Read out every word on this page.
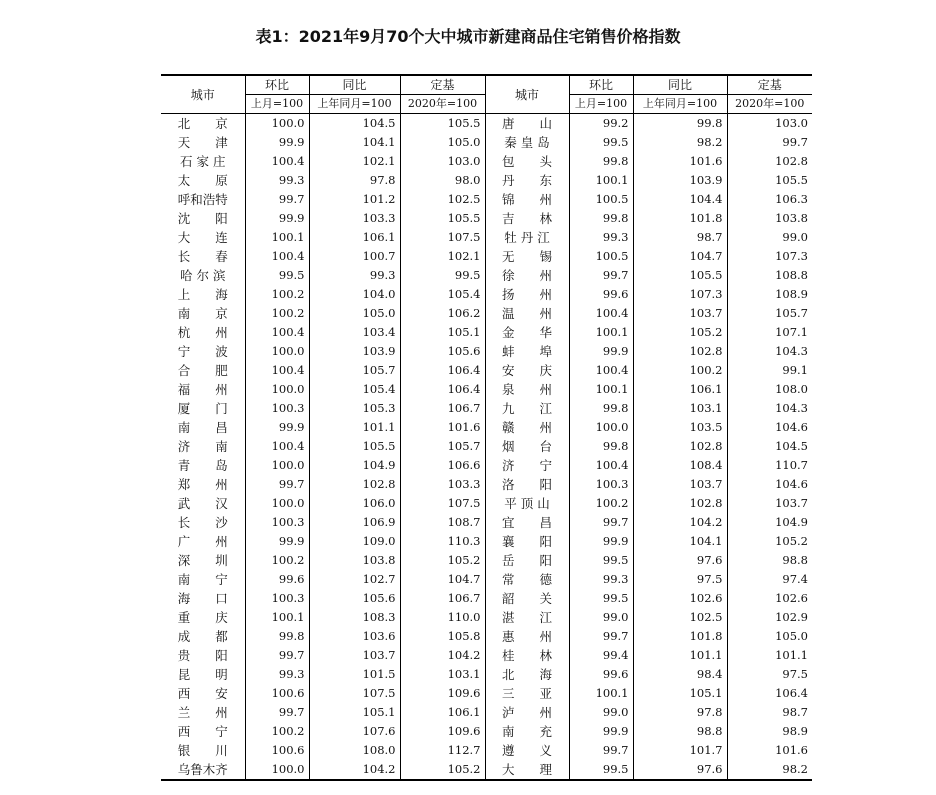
表1：2021年9月70个大中城市新建商品住宅销售价格指数
城市	环比	同比	定基	城市	环比	同比	定基
	上月=100	上年同月=100	2020年=100		上月=100	上年同月=100	2020年=100
北　　京	100.0	104.5	105.5	唐　　山	99.2	99.8	103.0
天　　津	99.9	104.1	105.0	秦 皇 岛	99.5	98.2	99.7
石 家 庄	100.4	102.1	103.0	包　　头	99.8	101.6	102.8
太　　原	99.3	97.8	98.0	丹　　东	100.1	103.9	105.5
呼和浩特	99.7	101.2	102.5	锦　　州	100.5	104.4	106.3
沈　　阳	99.9	103.3	105.5	吉　　林	99.8	101.8	103.8
大　　连	100.1	106.1	107.5	牡 丹 江	99.3	98.7	99.0
长　　春	100.4	100.7	102.1	无　　锡	100.5	104.7	107.3
哈 尔 滨	99.5	99.3	99.5	徐　　州	99.7	105.5	108.8
上　　海	100.2	104.0	105.4	扬　　州	99.6	107.3	108.9
南　　京	100.2	105.0	106.2	温　　州	100.4	103.7	105.7
杭　　州	100.4	103.4	105.1	金　　华	100.1	105.2	107.1
宁　　波	100.0	103.9	105.6	蚌　　埠	99.9	102.8	104.3
合　　肥	100.4	105.7	106.4	安　　庆	100.4	100.2	99.1
福　　州	100.0	105.4	106.4	泉　　州	100.1	106.1	108.0
厦　　门	100.3	105.3	106.7	九　　江	99.8	103.1	104.3
南　　昌	99.9	101.1	101.6	赣　　州	100.0	103.5	104.6
济　　南	100.4	105.5	105.7	烟　　台	99.8	102.8	104.5
青　　岛	100.0	104.9	106.6	济　　宁	100.4	108.4	110.7
郑　　州	99.7	102.8	103.3	洛　　阳	100.3	103.7	104.6
武　　汉	100.0	106.0	107.5	平 顶 山	100.2	102.8	103.7
长　　沙	100.3	106.9	108.7	宜　　昌	99.7	104.2	104.9
广　　州	99.9	109.0	110.3	襄　　阳	99.9	104.1	105.2
深　　圳	100.2	103.8	105.2	岳　　阳	99.5	97.6	98.8
南　　宁	99.6	102.7	104.7	常　　德	99.3	97.5	97.4
海　　口	100.3	105.6	106.7	韶　　关	99.5	102.6	102.6
重　　庆	100.1	108.3	110.0	湛　　江	99.0	102.5	102.9
成　　都	99.8	103.6	105.8	惠　　州	99.7	101.8	105.0
贵　　阳	99.7	103.7	104.2	桂　　林	99.4	101.1	101.1
昆　　明	99.3	101.5	103.1	北　　海	99.6	98.4	97.5
西　　安	100.6	107.5	109.6	三　　亚	100.1	105.1	106.4
兰　　州	99.7	105.1	106.1	泸　　州	99.0	97.8	98.7
西　　宁	100.2	107.6	109.6	南　　充	99.9	98.8	98.9
银　　川	100.6	108.0	112.7	遵　　义	99.7	101.7	101.6
乌鲁木齐	100.0	104.2	105.2	大　　理	99.5	97.6	98.2
